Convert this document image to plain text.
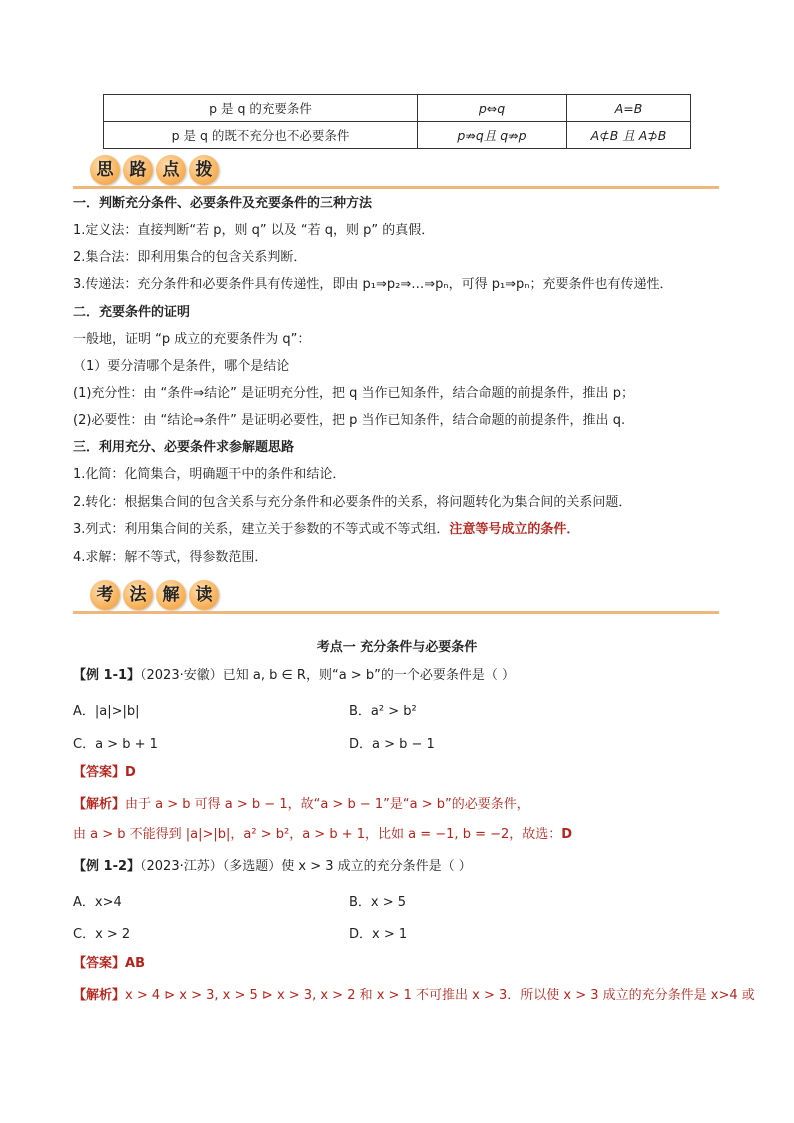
p 是 q 的充要条件	p⇔q	A=B
p 是 q 的既不充分也不必要条件	p⇏q且 q⇏p	A⊄B 且 A⊅B
思 路 点 拨
一．判断充分条件、必要条件及充要条件的三种方法
1.定义法：直接判断“若 p，则 q” 以及 “若 q，则 p” 的真假．
2.集合法：即利用集合的包含关系判断．
3.传递法：充分条件和必要条件具有传递性，即由 p₁⇒p₂⇒…⇒pₙ，可得 p₁⇒pₙ；充要条件也有传递性．
二．充要条件的证明
一般地，证明 “p 成立的充要条件为 q”：
（1）要分清哪个是条件，哪个是结论
(1)充分性：由 “条件⇒结论” 是证明充分性，把 q 当作已知条件，结合命题的前提条件，推出 p；
(2)必要性：由 “结论⇒条件” 是证明必要性，把 p 当作已知条件，结合命题的前提条件，推出 q.
三．利用充分、必要条件求参解题思路
1.化简：化简集合，明确题干中的条件和结论．
2.转化：根据集合间的包含关系与充分条件和必要条件的关系，将问题转化为集合间的关系问题．
3.列式：利用集合间的关系，建立关于参数的不等式或不等式组．注意等号成立的条件．
4.求解：解不等式，得参数范围．
考 法 解 读
考点一 充分条件与必要条件
【例 1-1】（2023·安徽）已知 a, b ∈ R，则“a > b”的一个必要条件是（ ）
A．|a|>|b|	B．a² > b²
C．a > b + 1	D．a > b − 1
【答案】D
【解析】由于 a > b 可得 a > b − 1，故“a > b − 1”是“a > b”的必要条件，
由 a > b 不能得到 |a|>|b|，a² > b²，a > b + 1，比如 a = −1, b = −2，故选：D
【例 1-2】（2023·江苏）（多选题）使 x > 3 成立的充分条件是（ ）
A．x>4	B．x > 5
C．x > 2	D．x > 1
【答案】AB
【解析】x > 4 ⊳ x > 3, x > 5 ⊳ x > 3, x > 2 和 x > 1 不可推出 x > 3．所以使 x > 3 成立的充分条件是 x>4 或
